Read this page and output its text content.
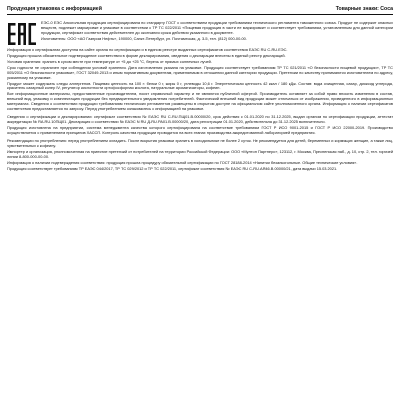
Продукция упаковка с информацией	Товарные знаки: Coca

ЕЭС-0 ЕЭС Алкогольная продукция сертифицирована по стандарту ГОСТ с соответствием продукции требованиям технического регламента таможенного союза. Продукт не содержит опасных веществ, подлежит маркировке и упаковке в соответствии с ТР ТС 022/2011 «Пищевая продукция в части ее маркировки» и соответствует требованиям, установленным для данной категории продукции, сертификат соответствия действителен до окончания срока действия указанного в документе.

Изготовитель: ООО «АО Газпром Нефть», 190000, Санкт-Петербург, ул. Почтамтская, д. 3-5, тел. (812) 000-00-00.

Информация о сертификатах доступна на сайте органа по сертификации и в едином реестре выданных сертификатов соответствия ЕАЭС RU С-RU.ЕЭС.

Продукция прошла обязательное подтверждение соответствия в форме декларирования, сведения о декларации внесены в единый реестр деклараций.

Условия хранения: хранить в сухом месте при температуре от +5 до +25 °С, беречь от прямых солнечных лучей.

Срок годности не ограничен при соблюдении условий хранения. Дата изготовления указана на упаковке. Продукция соответствует требованиям ТР ТС 021/2011 «О безопасности пищевой продукции», ТР ТС 005/2011 «О безопасности упаковки», ГОСТ 32049-2013 и иным нормативным документам, применяемым в отношении данной категории продукции. Претензии по качеству принимаются изготовителем по адресу, указанному на упаковке.

Продукт может содержать следы аллергенов. Пищевая ценность на 100 г: белки 0 г, жиры 0 г, углеводы 10,6 г. Энергетическая ценность 42 ккал / 180 кДж. Состав: вода очищенная, сахар, диоксид углерода, краситель сахарный колер IV, регулятор кислотности ортофосфорная кислота, натуральные ароматизаторы, кофеин.

Все информационные материалы, предоставленные производителем, носят справочный характер и не являются публичной офертой. Производитель оставляет за собой право вносить изменения в состав, внешний вид, упаковку и комплектацию продукции без предварительного уведомления потребителей. Фактический внешний вид продукции может отличаться от изображения, приведенного в информационных материалах. Сведения о соответствии продукции требованиям технических регламентов размещены в открытом доступе на официальном сайте уполномоченного органа. Информация о наличии сертификатов соответствия предоставляется по запросу. Перед употреблением ознакомьтесь с информацией на упаковке.

Сведения о сертификации и декларировании: сертификат соответствия № ЕАЭС RU С-RU.ПЩ01.В.00000/20, срок действия с 01.01.2020 по 31.12.2025, выдан органом по сертификации продукции, аттестат аккредитации № RA.RU.10ПЩ01. Декларация о соответствии № ЕАЭС N RU Д-RU.РА01.В.00000/20, дата регистрации 01.01.2020, действительна до 31.12.2025 включительно.

Продукция изготовлена на предприятии, система менеджмента качества которого сертифицирована на соответствие требованиям ГОСТ Р ИСО 9001-2015 и ГОСТ Р ИСО 22000-2019. Производство осуществляется с применением принципов ХАССП. Контроль качества продукции проводится на всех этапах производства аккредитованной лабораторией предприятия.

Рекомендации по употреблению: перед употреблением охладить. После вскрытия упаковки хранить в холодильнике не более 2 суток. Не рекомендуется для детей, беременных и кормящих женщин, а также лиц, чувствительных к кофеину.

Импортер и организация, уполномоченная на принятие претензий от потребителей на территории Российской Федерации: ООО «Мултон Партнерс», 123112, г. Москва, Пресненская наб., д. 10, стр. 2, тел. горячей линии 8-800-000-00-00.

Информация о наличии подтверждения соответствия: продукция прошла процедуру обязательной сертификации по ГОСТ 28188-2014 «Напитки безалкогольные. Общие технические условия».

Продукция соответствует требованиям ТР ЕАЭС 044/2017, ТР ТС 029/2012 и ТР ТС 022/2011, сертификат соответствия № ЕАЭС RU С-RU.АЯ46.В.00000/21, дата выдачи 15.03.2021.
